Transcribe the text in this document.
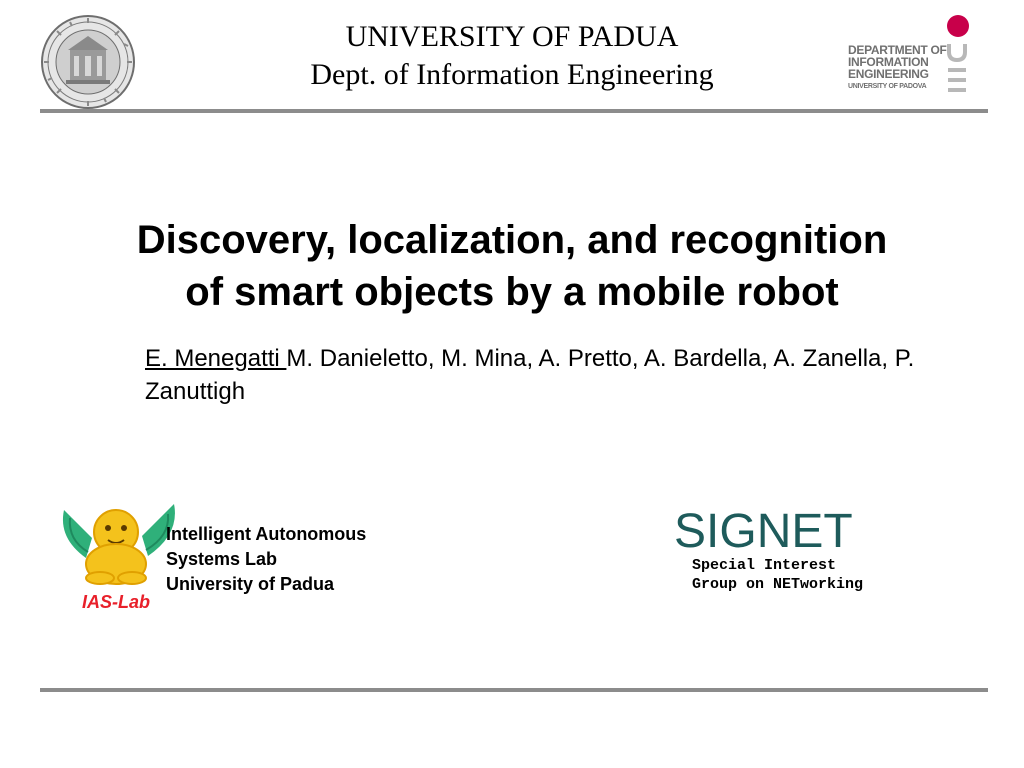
UNIVERSITY OF PADUA
Dept. of Information Engineering
DEPARTMENT OF
INFORMATION
ENGINEERING
UNIVERSITY OF PADOVA
Discovery, localization, and recognition
of smart objects by a mobile robot
E. Menegatti M. Danieletto, M. Mina, A. Pretto, A. Bardella, A. Zanella, P. Zanuttigh
IAS-Lab
Intelligent Autonomous
Systems Lab
University of Padua
SIGNET
Special Interest
Group on NETworking
